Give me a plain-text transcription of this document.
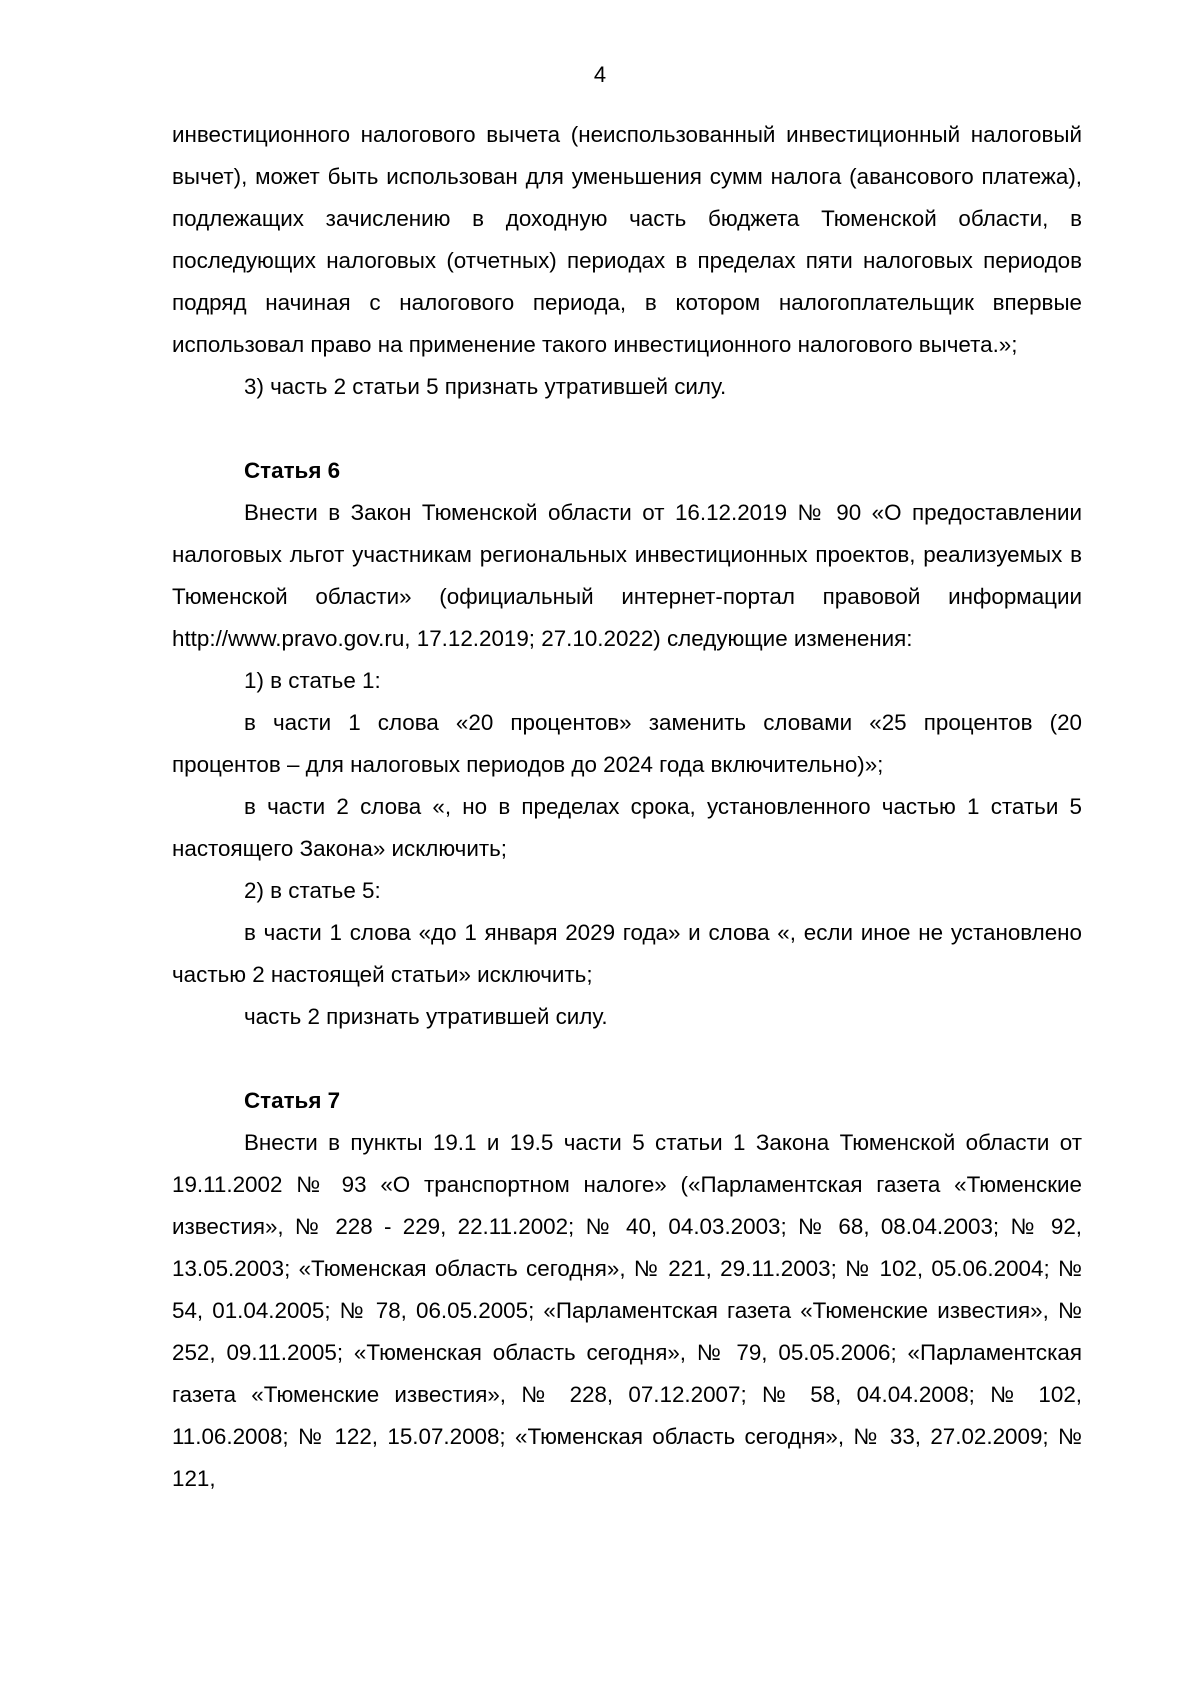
4

инвестиционного налогового вычета (неиспользованный инвестиционный налоговый вычет), может быть использован для уменьшения сумм налога (авансового платежа), подлежащих зачислению в доходную часть бюджета Тюменской области, в последующих налоговых (отчетных) периодах в пределах пяти налоговых периодов подряд начиная с налогового периода, в котором налогоплательщик впервые использовал право на применение такого инвестиционного налогового вычета.»;

3) часть 2 статьи 5 признать утратившей силу.

Статья 6

Внести в Закон Тюменской области от 16.12.2019 № 90 «О предоставлении налоговых льгот участникам региональных инвестиционных проектов, реализуемых в Тюменской области» (официальный интернет-портал правовой информации http://www.pravo.gov.ru, 17.12.2019; 27.10.2022) следующие изменения:

1) в статье 1:

в части 1 слова «20 процентов» заменить словами «25 процентов (20 процентов – для налоговых периодов до 2024 года включительно)»;

в части 2 слова «, но в пределах срока, установленного частью 1 статьи 5 настоящего Закона» исключить;

2) в статье 5:

в части 1 слова «до 1 января 2029 года» и слова «, если иное не установлено частью 2 настоящей статьи» исключить;

часть 2 признать утратившей силу.

Статья 7

Внести в пункты 19.1 и 19.5 части 5 статьи 1 Закона Тюменской области от 19.11.2002 № 93 «О транспортном налоге» («Парламентская газета «Тюменские известия», № 228 - 229, 22.11.2002; № 40, 04.03.2003; № 68, 08.04.2003; № 92, 13.05.2003; «Тюменская область сегодня», № 221, 29.11.2003; № 102, 05.06.2004; № 54, 01.04.2005; № 78, 06.05.2005; «Парламентская газета «Тюменские известия», № 252, 09.11.2005; «Тюменская область сегодня», № 79, 05.05.2006; «Парламентская газета «Тюменские известия», № 228, 07.12.2007; № 58, 04.04.2008; № 102, 11.06.2008; № 122, 15.07.2008; «Тюменская область сегодня», № 33, 27.02.2009; № 121,
